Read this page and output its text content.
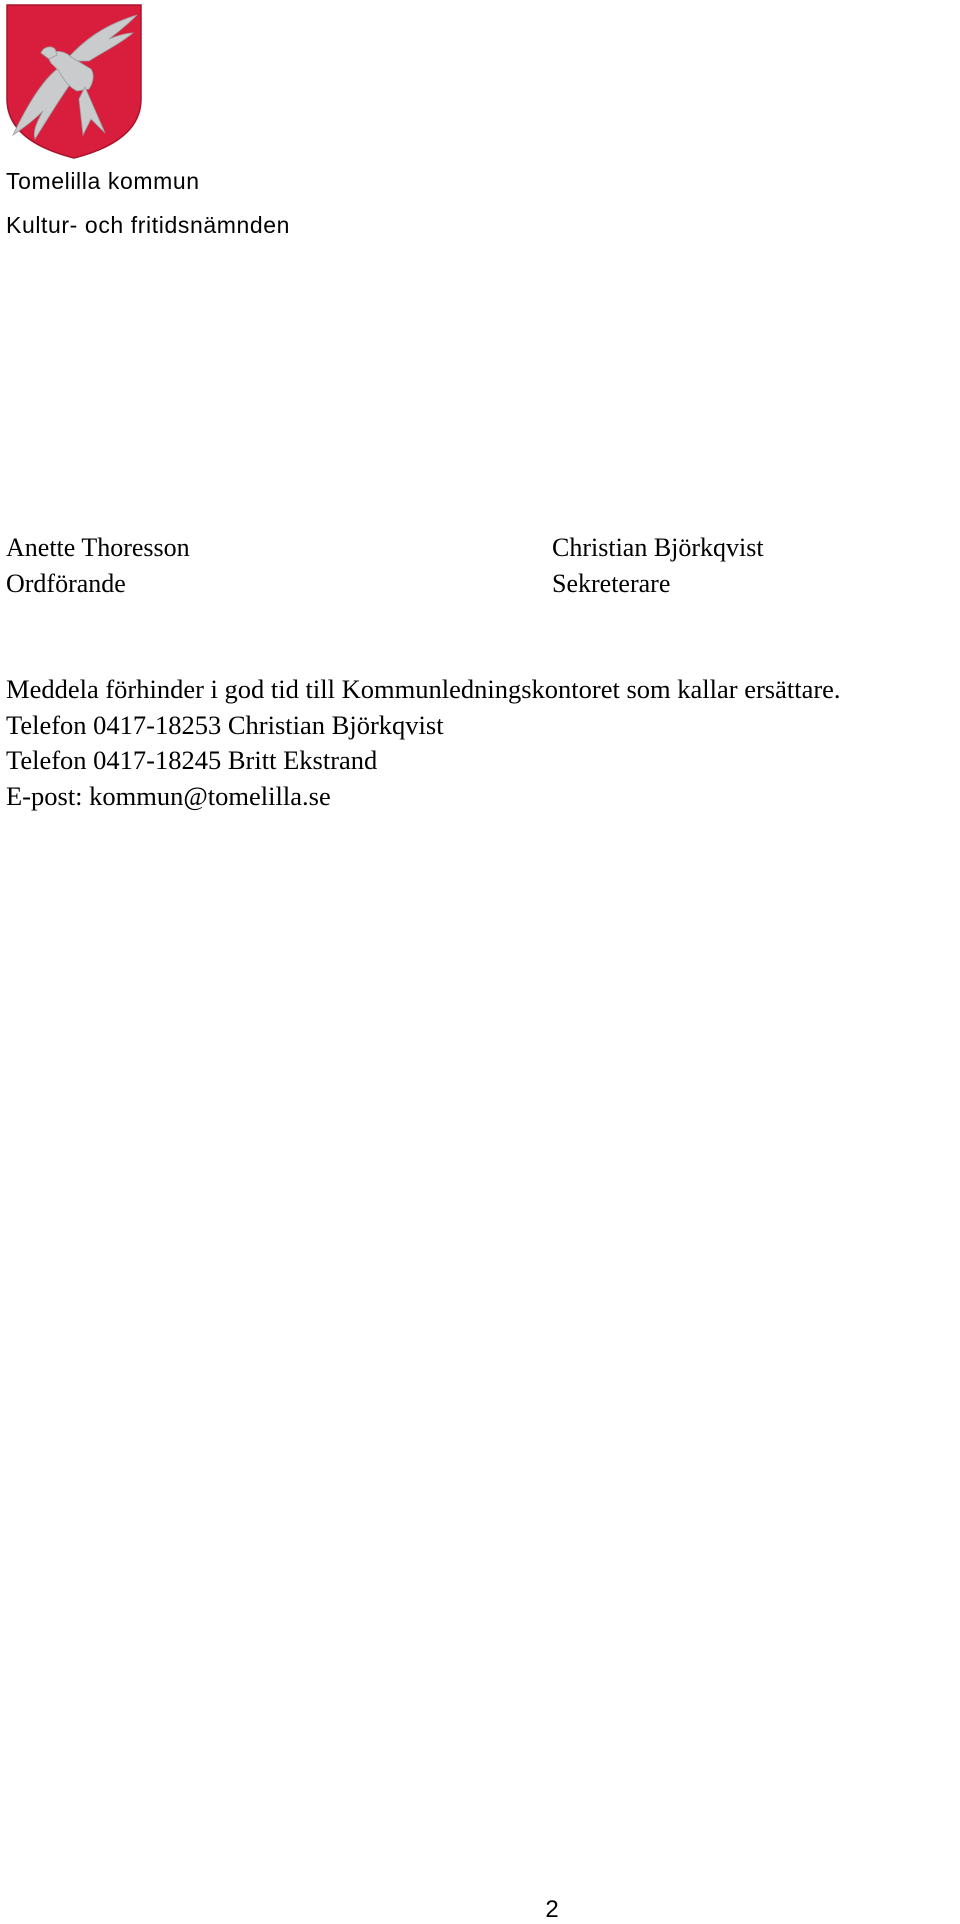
Tomelilla kommun
Kultur- och fritidsnämnden
Anette Thoresson
Ordförande
Christian Björkqvist
Sekreterare
Meddela förhinder i god tid till Kommunledningskontoret som kallar ersättare.
Telefon 0417-18253 Christian Björkqvist
Telefon 0417-18245 Britt Ekstrand
E-post: kommun@tomelilla.se
2
